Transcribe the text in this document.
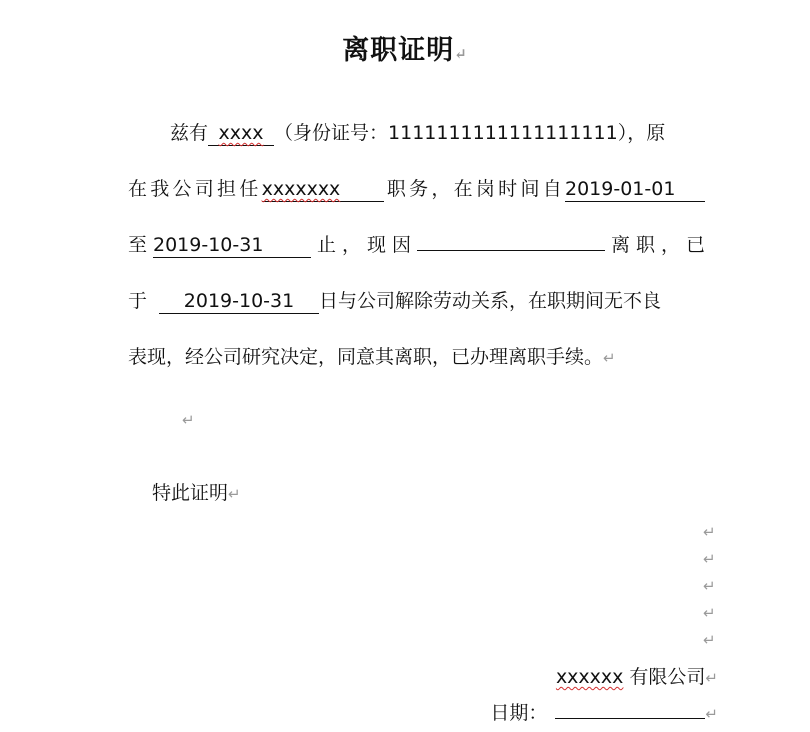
离职证明↵
兹有 xxxx （身份证号：1111111111111111111），原
在我公司担任xxxxxxx 职务，在岗时间自2019-01-01
至2019-10-31	止，现因	离职，已
于 2019-10-31 日与公司解除劳动关系，在职期间无不良
表现，经公司研究决定，同意其离职，已办理离职手续。↵
↵
特此证明↵
↵
↵
↵
↵
↵
xxxxxx 有限公司↵
日期：	↵
